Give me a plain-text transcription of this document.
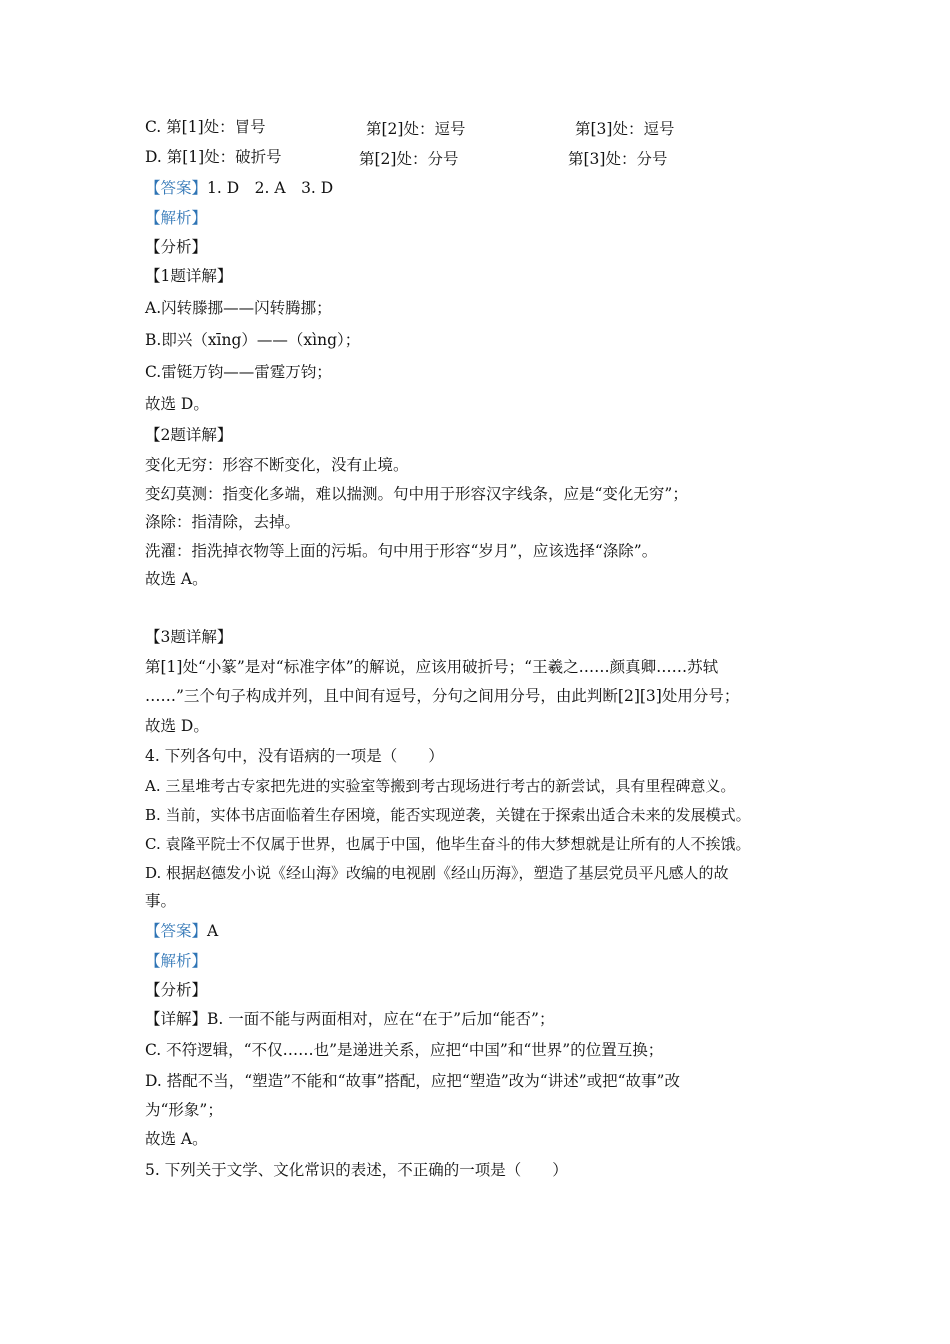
C. 第[1]处：冒号	第[2]处：逗号	第[3]处：逗号
D. 第[1]处：破折号	第[2]处：分号	第[3]处：分号
【答案】1. D　2. A　3. D
【解析】
【分析】
【1题详解】
A.闪转滕挪——闪转腾挪；
B.即兴（xīng）——（xìng）；
C.雷铤万钧——雷霆万钧；
故选 D。
【2题详解】
变化无穷：形容不断变化，没有止境。
变幻莫测：指变化多端，难以揣测。句中用于形容汉字线条，应是“变化无穷”；
涤除：指清除，去掉。
洗濯：指洗掉衣物等上面的污垢。句中用于形容“岁月”，应该选择“涤除”。
故选 A。
【3题详解】
第[1]处“小篆”是对“标准字体”的解说，应该用破折号；“王羲之……颜真卿……苏轼
……”三个句子构成并列，且中间有逗号，分句之间用分号，由此判断[2][3]处用分号；
故选 D。
4. 下列各句中，没有语病的一项是（　　）
A. 三星堆考古专家把先进的实验室等搬到考古现场进行考古的新尝试，具有里程碑意义。
B. 当前，实体书店面临着生存困境，能否实现逆袭，关键在于探索出适合未来的发展模式。
C. 袁隆平院士不仅属于世界，也属于中国，他毕生奋斗的伟大梦想就是让所有的人不挨饿。
D. 根据赵德发小说《经山海》改编的电视剧《经山历海》，塑造了基层党员平凡感人的故
事。
【答案】A
【解析】
【分析】
【详解】B. 一面不能与两面相对，应在“在于”后加“能否”；
C. 不符逻辑，“不仅……也”是递进关系，应把“中国”和“世界”的位置互换；
D. 搭配不当，“塑造”不能和“故事”搭配，应把“塑造”改为“讲述”或把“故事”改
为“形象”；
故选 A。
5. 下列关于文学、文化常识的表述，不正确的一项是（　　）
